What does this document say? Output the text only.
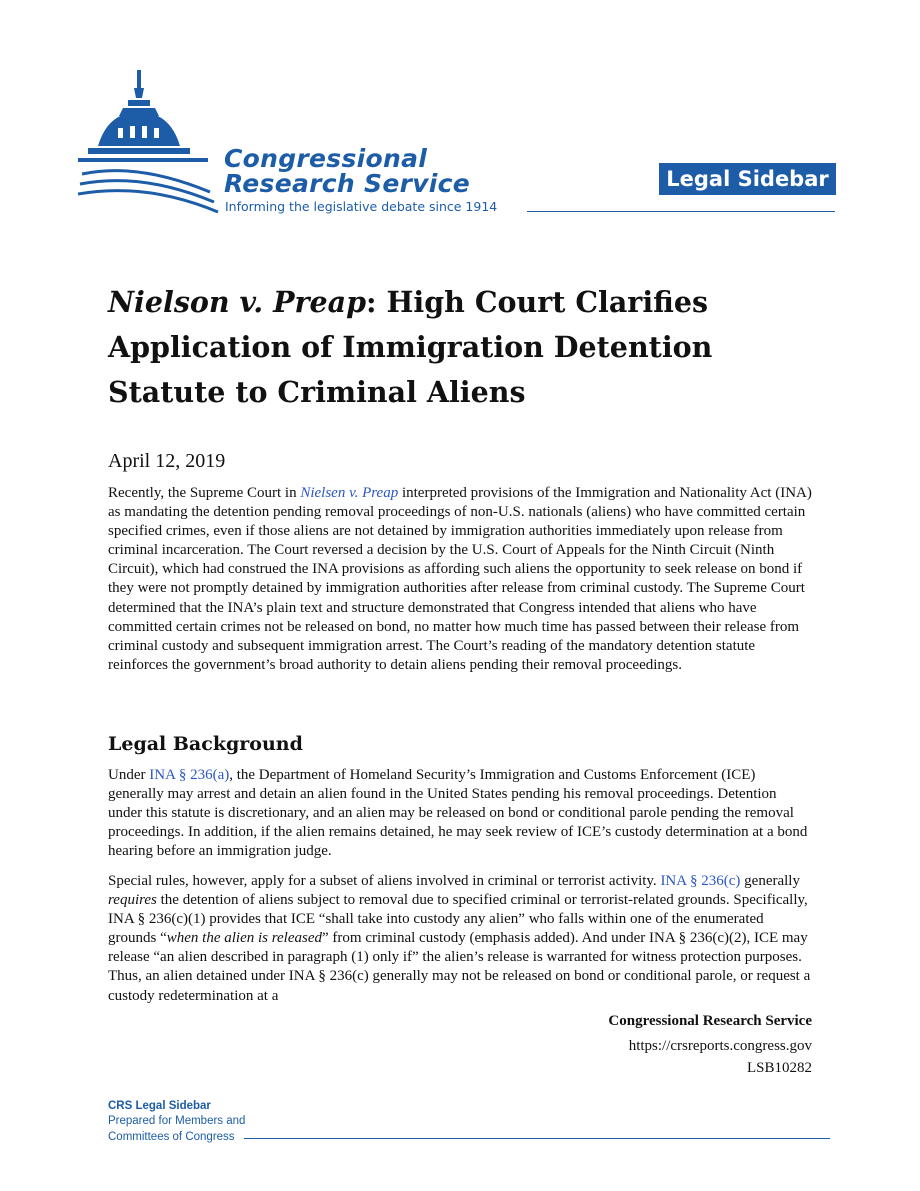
Congressional
Research Service
Informing the legislative debate since 1914
Legal Sidebar
Nielson v. Preap: High Court Clarifies Application of Immigration Detention Statute to Criminal Aliens

April 12, 2019

Recently, the Supreme Court in Nielsen v. Preap interpreted provisions of the Immigration and Nationality Act (INA) as mandating the detention pending removal proceedings of non-U.S. nationals (aliens) who have committed certain specified crimes, even if those aliens are not detained by immigration authorities immediately upon release from criminal incarceration. The Court reversed a decision by the U.S. Court of Appeals for the Ninth Circuit (Ninth Circuit), which had construed the INA provisions as affording such aliens the opportunity to seek release on bond if they were not promptly detained by immigration authorities after release from criminal custody. The Supreme Court determined that the INA’s plain text and structure demonstrated that Congress intended that aliens who have committed certain crimes not be released on bond, no matter how much time has passed between their release from criminal custody and subsequent immigration arrest. The Court’s reading of the mandatory detention statute reinforces the government’s broad authority to detain aliens pending their removal proceedings.

Legal Background

Under INA § 236(a), the Department of Homeland Security’s Immigration and Customs Enforcement (ICE) generally may arrest and detain an alien found in the United States pending his removal proceedings. Detention under this statute is discretionary, and an alien may be released on bond or conditional parole pending the removal proceedings. In addition, if the alien remains detained, he may seek review of ICE’s custody determination at a bond hearing before an immigration judge.

Special rules, however, apply for a subset of aliens involved in criminal or terrorist activity. INA § 236(c) generally requires the detention of aliens subject to removal due to specified criminal or terrorist-related grounds. Specifically, INA § 236(c)(1) provides that ICE “shall take into custody any alien” who falls within one of the enumerated grounds “when the alien is released” from criminal custody (emphasis added). And under INA § 236(c)(2), ICE may release “an alien described in paragraph (1) only if” the alien’s release is warranted for witness protection purposes. Thus, an alien detained under INA § 236(c) generally may not be released on bond or conditional parole, or request a custody redetermination at a

Congressional Research Service

https://crsreports.congress.gov

LSB10282

CRS Legal Sidebar

Prepared for Members and

Committees of Congress
